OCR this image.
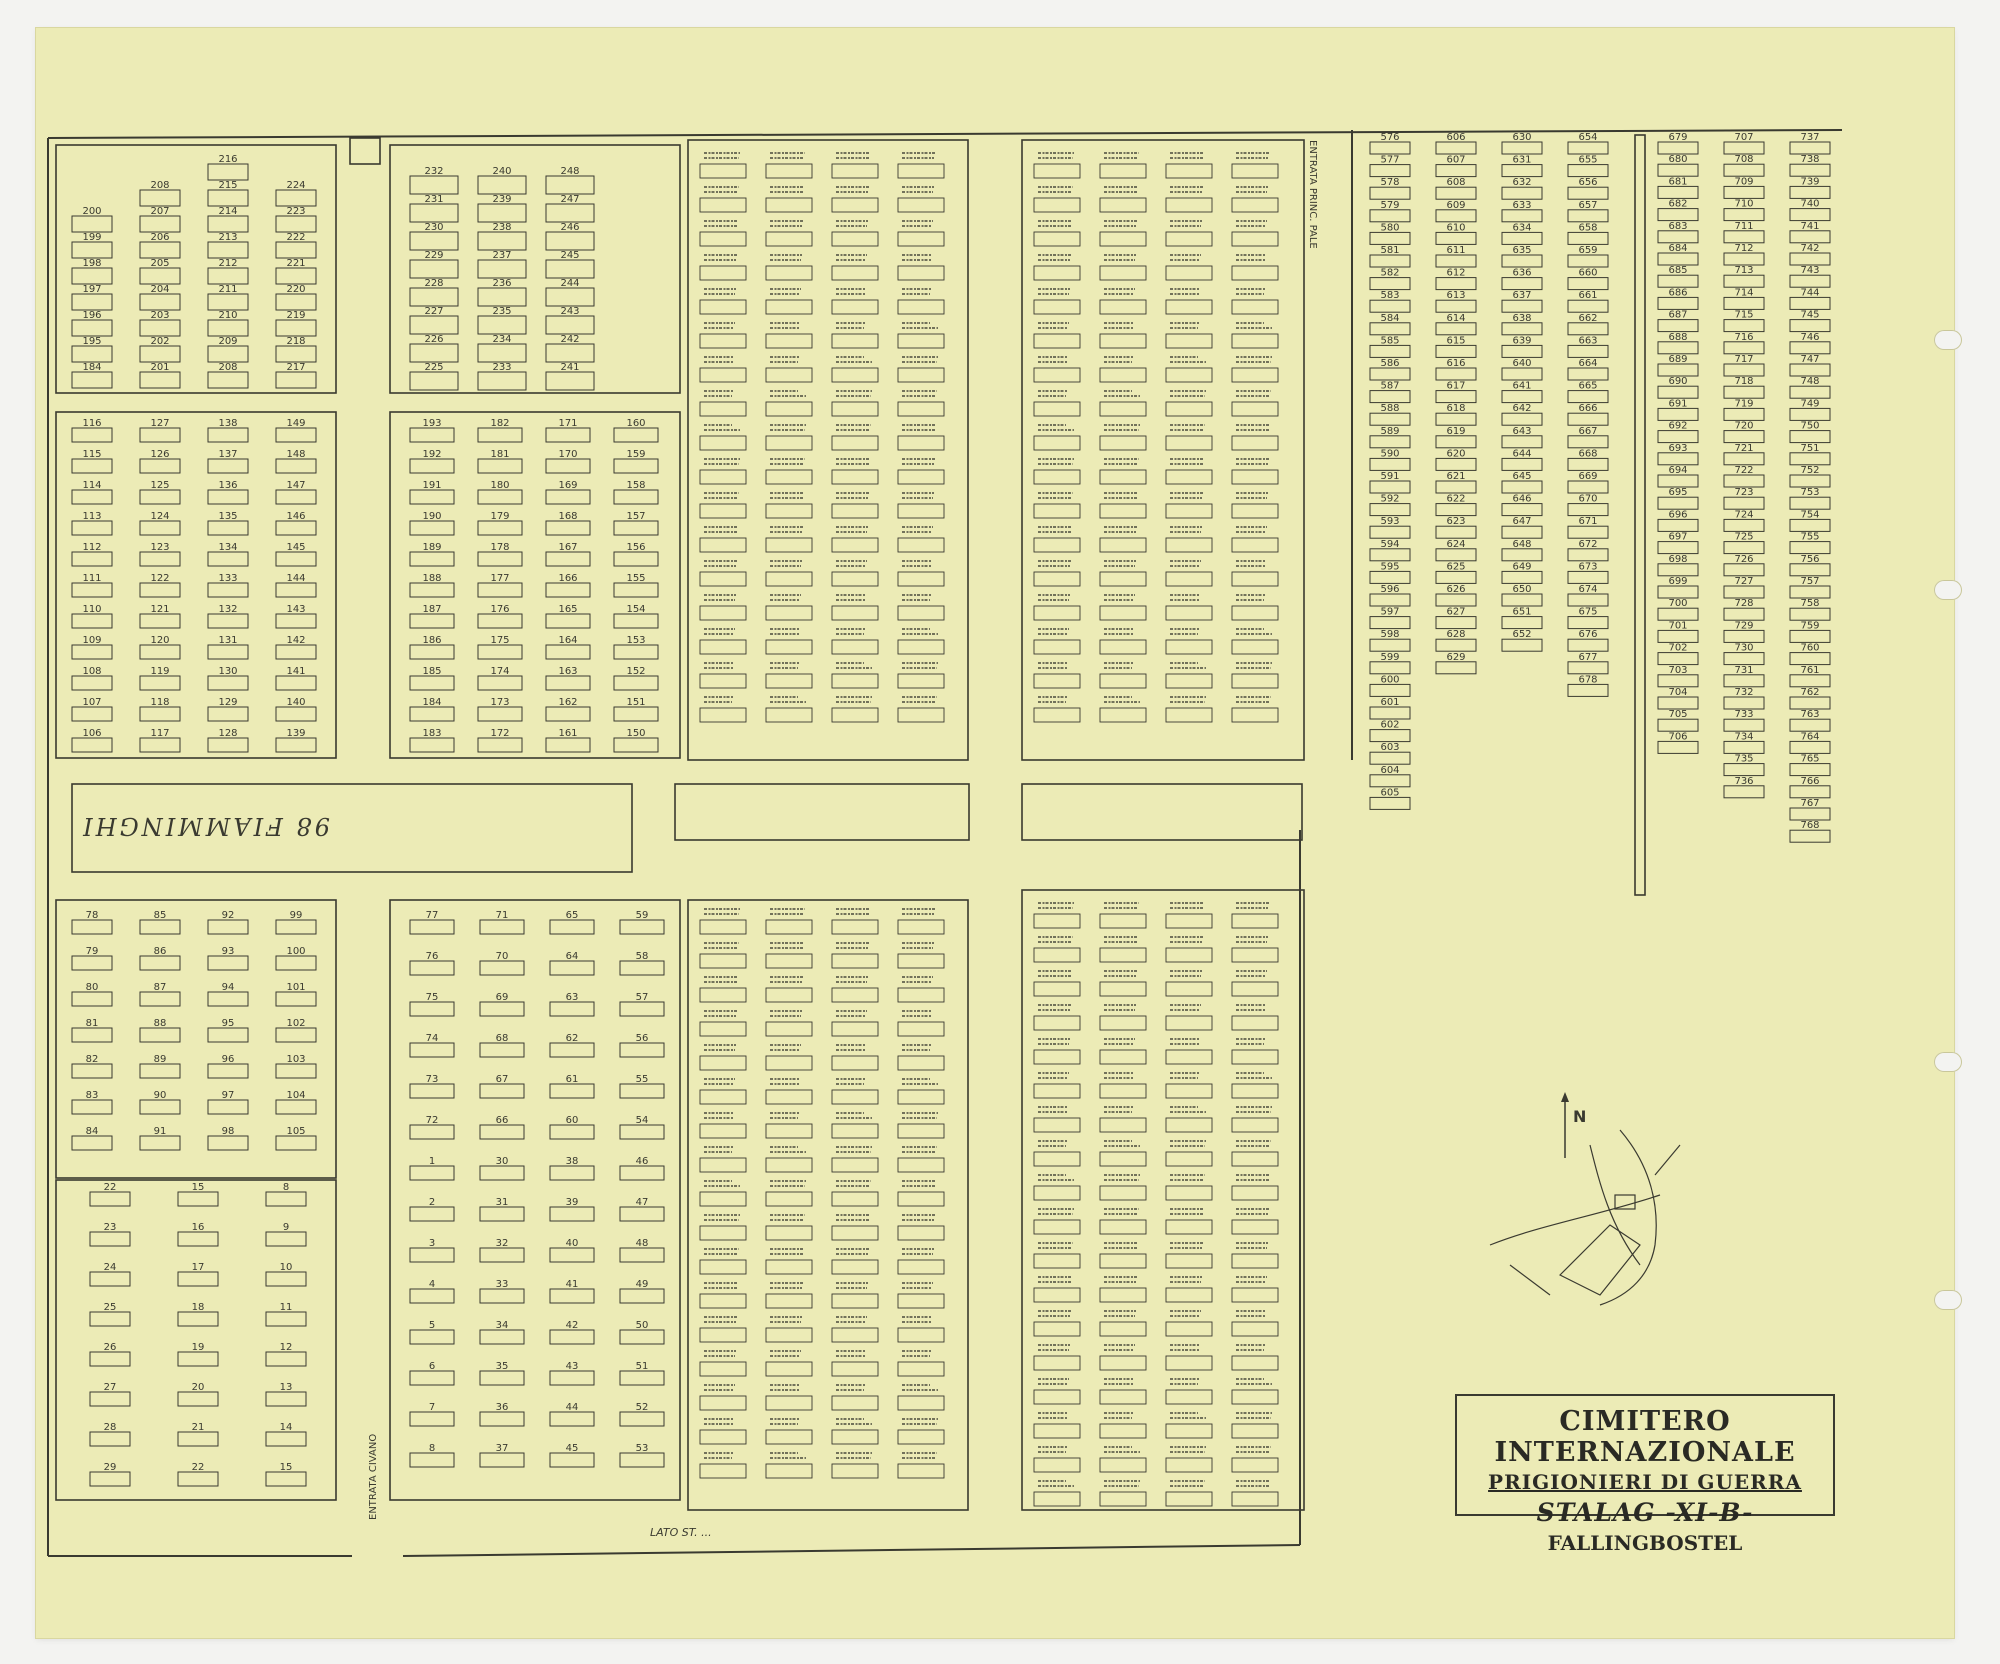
184
195
196
197
198
199
200
201
202
203
204
205
206
207
208
208
209
210
211
212
213
214
215
216
217
218
219
220
221
222
223
224
225
226
227
228
229
230
231
232
233
234
235
236
237
238
239
240
241
242
243
244
245
246
247
248
106
107
108
109
110
111
112
113
114
115
116
117
118
119
120
121
122
123
124
125
126
127
128
129
130
131
132
133
134
135
136
137
138
139
140
141
142
143
144
145
146
147
148
149
183
184
185
186
187
188
189
190
191
192
193
172
173
174
175
176
177
178
179
180
181
182
161
162
163
164
165
166
167
168
169
170
171
150
151
152
153
154
155
156
157
158
159
160
78
79
80
81
82
83
84
85
86
87
88
89
90
91
92
93
94
95
96
97
98
99
100
101
102
103
104
105
22
23
24
25
26
27
28
29
15
16
17
18
19
20
21
22
8
9
10
11
12
13
14
15
77
76
75
74
73
72
1
2
3
4
5
6
7
8
71
70
69
68
67
66
30
31
32
33
34
35
36
37
65
64
63
62
61
60
38
39
40
41
42
43
44
45
59
58
57
56
55
54
46
47
48
49
50
51
52
53
576
577
578
579
580
581
582
583
584
585
586
587
588
589
590
591
592
593
594
595
596
597
598
599
600
601
602
603
604
605
606
607
608
609
610
611
612
613
614
615
616
617
618
619
620
621
622
623
624
625
626
627
628
629
630
631
632
633
634
635
636
637
638
639
640
641
642
643
644
645
646
647
648
649
650
651
652
654
655
656
657
658
659
660
661
662
663
664
665
666
667
668
669
670
671
672
673
674
675
676
677
678
679
680
681
682
683
684
685
686
687
688
689
690
691
692
693
694
695
696
697
698
699
700
701
702
703
704
705
706
707
708
709
710
711
712
713
714
715
716
717
718
719
720
721
722
723
724
725
726
727
728
729
730
731
732
733
734
735
736
737
738
739
740
741
742
743
744
745
746
747
748
749
750
751
752
753
754
755
756
757
758
759
760
761
762
763
764
765
766
767
768
N
98 FIAMMINGHI
LATO ST. ...
ENTRATA CIVANO
ENTRATA PRINC. PALE
CIMITERO INTERNAZIONALE
PRIGIONIERI DI GUERRA
STALAG -XI-B- FALLINGBOSTEL
